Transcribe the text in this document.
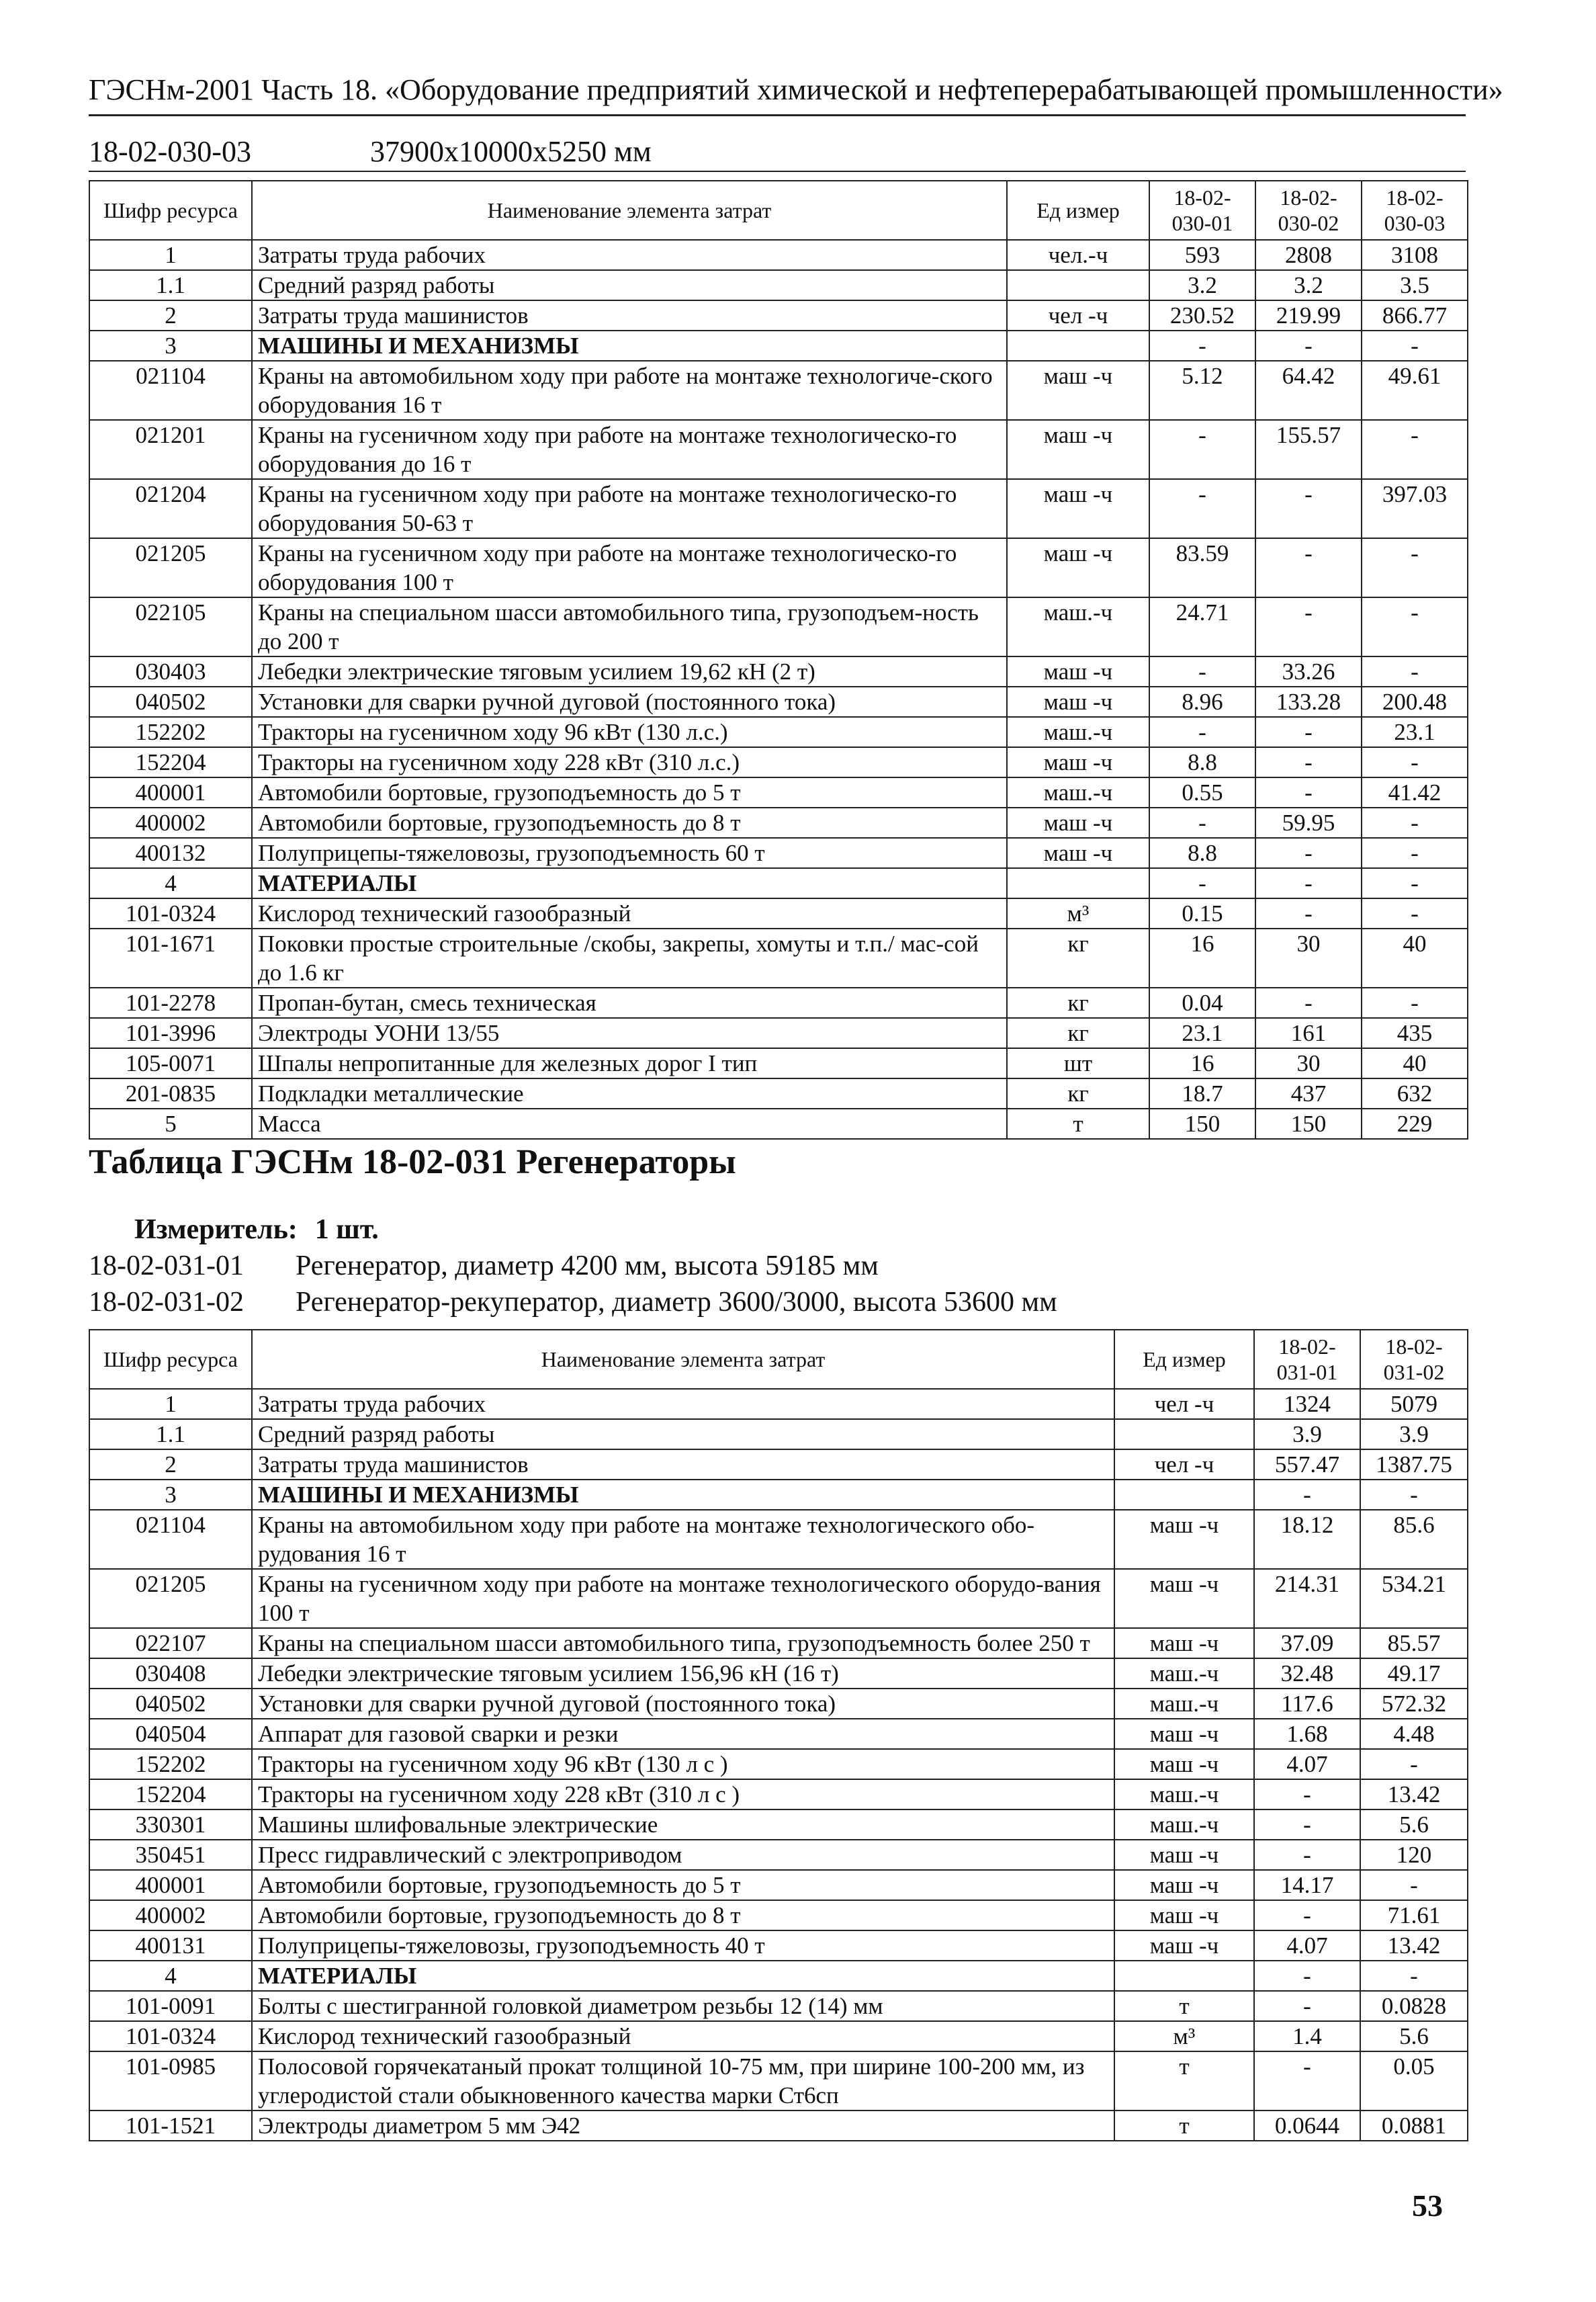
ГЭСНм-2001 Часть 18. «Оборудование предприятий химической и нефтеперерабатывающей промышленности»
18-02-030-03	37900х10000х5250 мм
Шифр ресурса	Наименование элемента затрат	Ед измер	18-02-030-01	18-02-030-02	18-02-030-03
1	Затраты труда рабочих	чел.-ч	593	2808	3108
1.1	Средний разряд работы		3.2	3.2	3.5
2	Затраты труда машинистов	чел -ч	230.52	219.99	866.77
3	МАШИНЫ И МЕХАНИЗМЫ		-	-	-
021104	Краны на автомобильном ходу при работе на монтаже технологиче-ского оборудования 16 т	маш -ч	5.12	64.42	49.61
021201	Краны на гусеничном ходу при работе на монтаже технологическо-го оборудования до 16 т	маш -ч	-	155.57	-
021204	Краны на гусеничном ходу при работе на монтаже технологическо-го оборудования 50-63 т	маш -ч	-	-	397.03
021205	Краны на гусеничном ходу при работе на монтаже технологическо-го оборудования 100 т	маш -ч	83.59	-	-
022105	Краны на специальном шасси автомобильного типа, грузоподъем-ность до 200 т	маш.-ч	24.71	-	-
030403	Лебедки электрические тяговым усилием 19,62 кН (2 т)	маш -ч	-	33.26	-
040502	Установки для сварки ручной дуговой (постоянного тока)	маш -ч	8.96	133.28	200.48
152202	Тракторы на гусеничном ходу 96 кВт (130 л.с.)	маш.-ч	-	-	23.1
152204	Тракторы на гусеничном ходу 228 кВт (310 л.с.)	маш -ч	8.8	-	-
400001	Автомобили бортовые, грузоподъемность до 5 т	маш.-ч	0.55	-	41.42
400002	Автомобили бортовые, грузоподъемность до 8 т	маш -ч	-	59.95	-
400132	Полуприцепы-тяжеловозы, грузоподъемность 60 т	маш -ч	8.8	-	-
4	МАТЕРИАЛЫ		-	-	-
101-0324	Кислород технический газообразный	м³	0.15	-	-
101-1671	Поковки простые строительные /скобы, закрепы, хомуты и т.п./ мас-сой до 1.6 кг	кг	16	30	40
101-2278	Пропан-бутан, смесь техническая	кг	0.04	-	-
101-3996	Электроды УОНИ 13/55	кг	23.1	161	435
105-0071	Шпалы непропитанные для железных дорог I тип	шт	16	30	40
201-0835	Подкладки металлические	кг	18.7	437	632
5	Масса	т	150	150	229
Таблица ГЭСНм 18-02-031 Регенераторы
Измеритель: 1 шт.
18-02-031-01 Регенератор, диаметр 4200 мм, высота 59185 мм
18-02-031-02 Регенератор-рекуператор, диаметр 3600/3000, высота 53600 мм
Шифр ресурса	Наименование элемента затрат	Ед измер	18-02-031-01	18-02-031-02
1	Затраты труда рабочих	чел -ч	1324	5079
1.1	Средний разряд работы		3.9	3.9
2	Затраты труда машинистов	чел -ч	557.47	1387.75
3	МАШИНЫ И МЕХАНИЗМЫ		-	-
021104	Краны на автомобильном ходу при работе на монтаже технологического обо-рудования 16 т	маш -ч	18.12	85.6
021205	Краны на гусеничном ходу при работе на монтаже технологического оборудо-вания 100 т	маш -ч	214.31	534.21
022107	Краны на специальном шасси автомобильного типа, грузоподъемность более 250 т	маш -ч	37.09	85.57
030408	Лебедки электрические тяговым усилием 156,96 кН (16 т)	маш.-ч	32.48	49.17
040502	Установки для сварки ручной дуговой (постоянного тока)	маш.-ч	117.6	572.32
040504	Аппарат для газовой сварки и резки	маш -ч	1.68	4.48
152202	Тракторы на гусеничном ходу 96 кВт (130 л с )	маш -ч	4.07	-
152204	Тракторы на гусеничном ходу 228 кВт (310 л с )	маш.-ч	-	13.42
330301	Машины шлифовальные электрические	маш.-ч	-	5.6
350451	Пресс гидравлический с электроприводом	маш -ч	-	120
400001	Автомобили бортовые, грузоподъемность до 5 т	маш -ч	14.17	-
400002	Автомобили бортовые, грузоподъемность до 8 т	маш -ч	-	71.61
400131	Полуприцепы-тяжеловозы, грузоподъемность 40 т	маш -ч	4.07	13.42
4	МАТЕРИАЛЫ		-	-
101-0091	Болты с шестигранной головкой диаметром резьбы 12 (14) мм	т	-	0.0828
101-0324	Кислород технический газообразный	м³	1.4	5.6
101-0985	Полосовой горячекатаный прокат толщиной 10-75 мм, при ширине 100-200 мм, из углеродистой стали обыкновенного качества марки Ст6сп	т	-	0.05
101-1521	Электроды диаметром 5 мм Э42	т	0.0644	0.0881
53
